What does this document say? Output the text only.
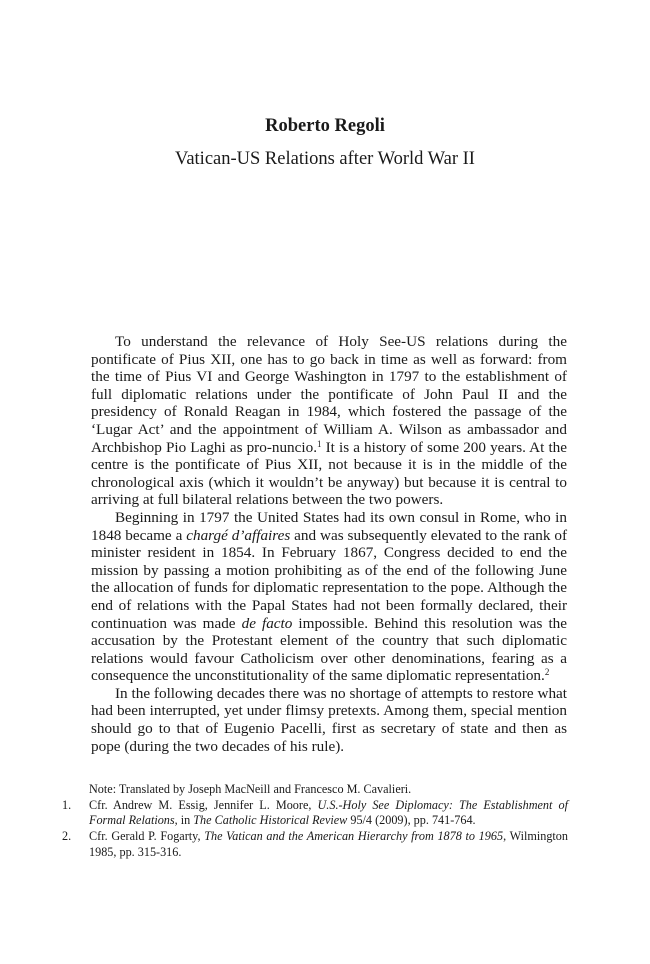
Roberto Regoli
Vatican-US Relations after World War II

To understand the relevance of Holy See-US relations during the pontificate of Pius XII, one has to go back in time as well as forward: from the time of Pius VI and George Washington in 1797 to the establishment of full diplomatic relations under the pontificate of John Paul II and the presidency of Ronald Reagan in 1984, which fostered the passage of the ‘Lugar Act’ and the appointment of William A. Wilson as ambassador and Archbishop Pio Laghi as pro-nuncio.$^1$ It is a history of some 200 years. At the centre is the pontificate of Pius XII, not because it is in the middle of the chronological axis (which it wouldn’t be anyway) but because it is central to arriving at full bilateral relations between the two powers.

Beginning in 1797 the United States had its own consul in Rome, who in 1848 became a chargé d’affaires and was subsequently elevated to the rank of minister resident in 1854. In February 1867, Congress decided to end the mission by passing a motion prohibiting as of the end of the following June the allocation of funds for diplomatic representation to the pope. Although the end of relations with the Papal States had not been formally declared, their continuation was made de facto impossible. Behind this resolution was the accusation by the Protestant element of the country that such diplomatic relations would favour Catholicism over other denominations, fearing as a consequence the unconstitutionality of the same diplomatic representation.$^2$

In the following decades there was no shortage of attempts to restore what had been interrupted, yet under flimsy pretexts. Among them, special mention should go to that of Eugenio Pacelli, first as secretary of state and then as pope (during the two decades of his rule).

Note: Translated by Joseph MacNeill and Francesco M. Cavalieri.
1.	Cfr. Andrew M. Essig, Jennifer L. Moore, U.S.-Holy See Diplomacy: The Establishment of Formal Relations, in The Catholic Historical Review 95/4 (2009), pp. 741-764.
2.	Cfr. Gerald P. Fogarty, The Vatican and the American Hierarchy from 1878 to 1965, Wilmington 1985, pp. 315-316.
